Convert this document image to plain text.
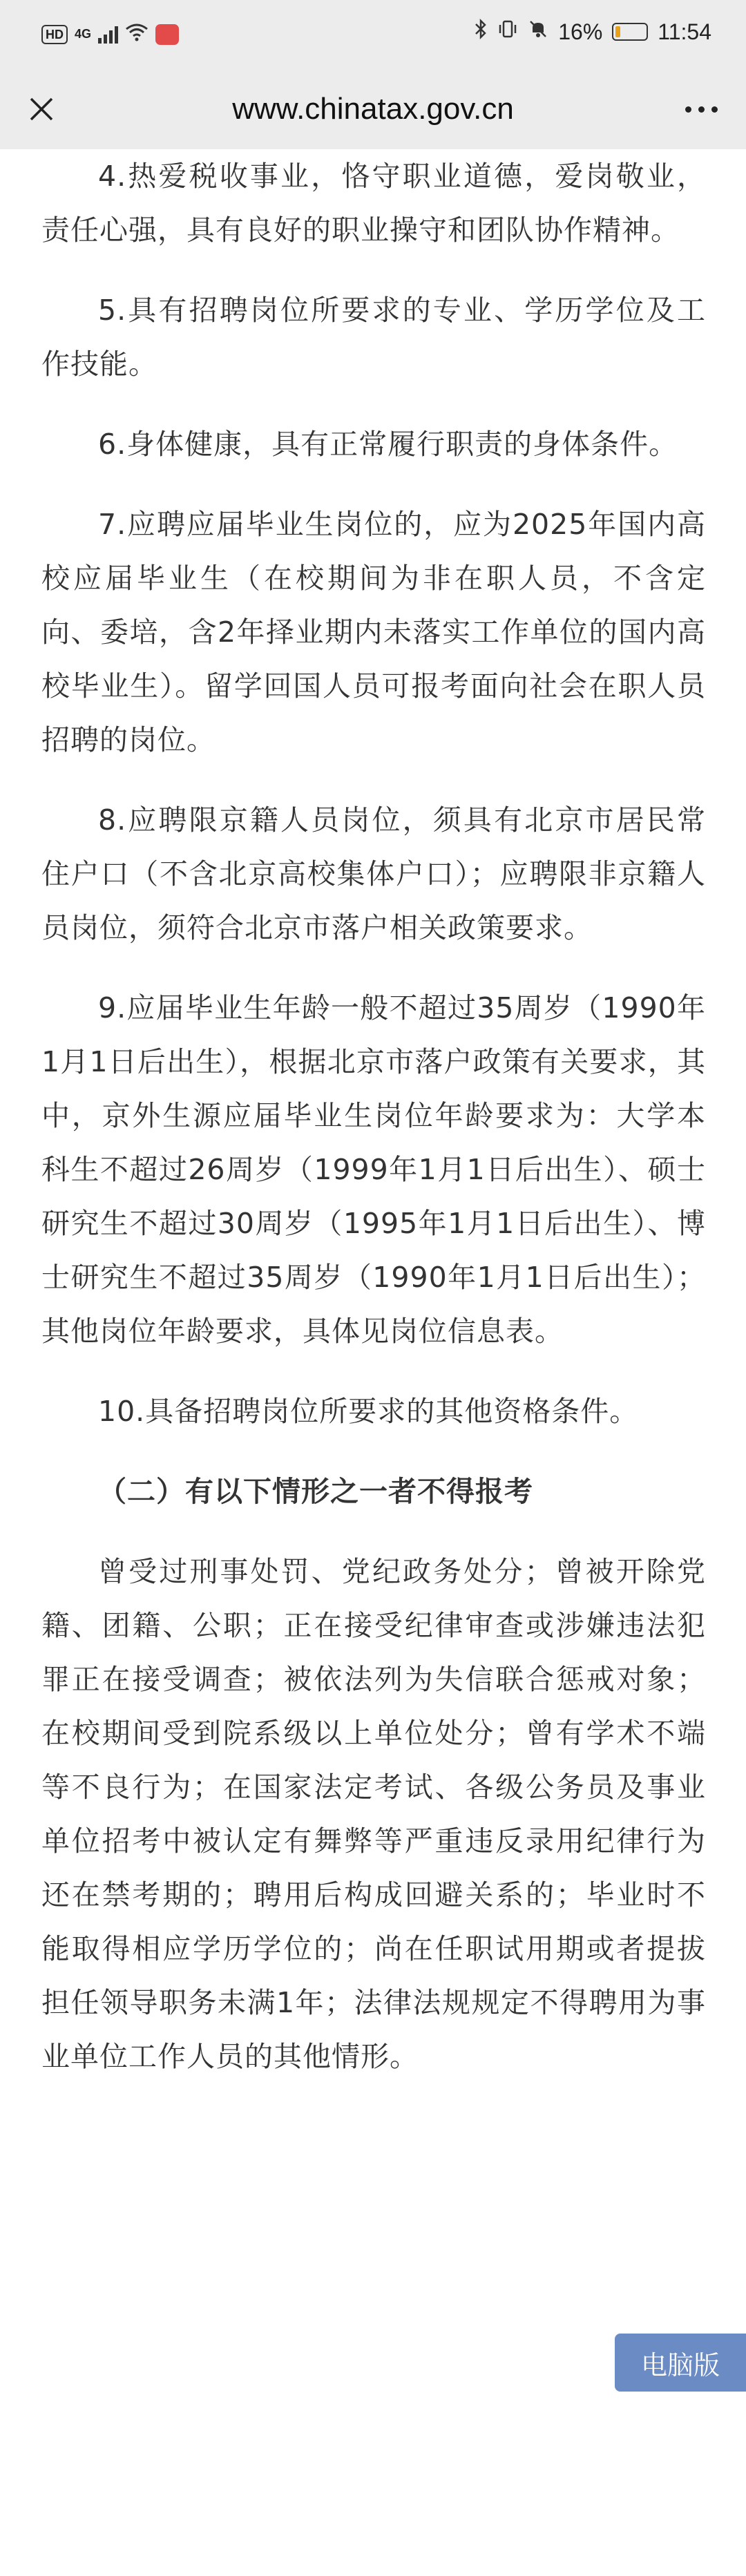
HD 4G	16%	11:54
www.chinatax.gov.cn

4.热爱税收事业，恪守职业道德，爱岗敬业，责任心强，具有良好的职业操守和团队协作精神。

5.具有招聘岗位所要求的专业、学历学位及工作技能。

6.身体健康，具有正常履行职责的身体条件。

7.应聘应届毕业生岗位的，应为2025年国内高校应届毕业生（在校期间为非在职人员，不含定向、委培，含2年择业期内未落实工作单位的国内高校毕业生）。留学回国人员可报考面向社会在职人员招聘的岗位。

8.应聘限京籍人员岗位，须具有北京市居民常住户口（不含北京高校集体户口）；应聘限非京籍人员岗位，须符合北京市落户相关政策要求。

9.应届毕业生年龄一般不超过35周岁（1990年1月1日后出生），根据北京市落户政策有关要求，其中，京外生源应届毕业生岗位年龄要求为：大学本科生不超过26周岁（1999年1月1日后出生）、硕士研究生不超过30周岁（1995年1月1日后出生）、博士研究生不超过35周岁（1990年1月1日后出生）；其他岗位年龄要求，具体见岗位信息表。

10.具备招聘岗位所要求的其他资格条件。

（二）有以下情形之一者不得报考

曾受过刑事处罚、党纪政务处分；曾被开除党籍、团籍、公职；正在接受纪律审查或涉嫌违法犯罪正在接受调查；被依法列为失信联合惩戒对象；在校期间受到院系级以上单位处分；曾有学术不端等不良行为；在国家法定考试、各级公务员及事业单位招考中被认定有舞弊等严重违反录用纪律行为还在禁考期的；聘用后构成回避关系的；毕业时不能取得相应学历学位的；尚在任职试用期或者提拔担任领导职务未满1年；法律法规规定不得聘用为事业单位工作人员的其他情形。

电脑版
